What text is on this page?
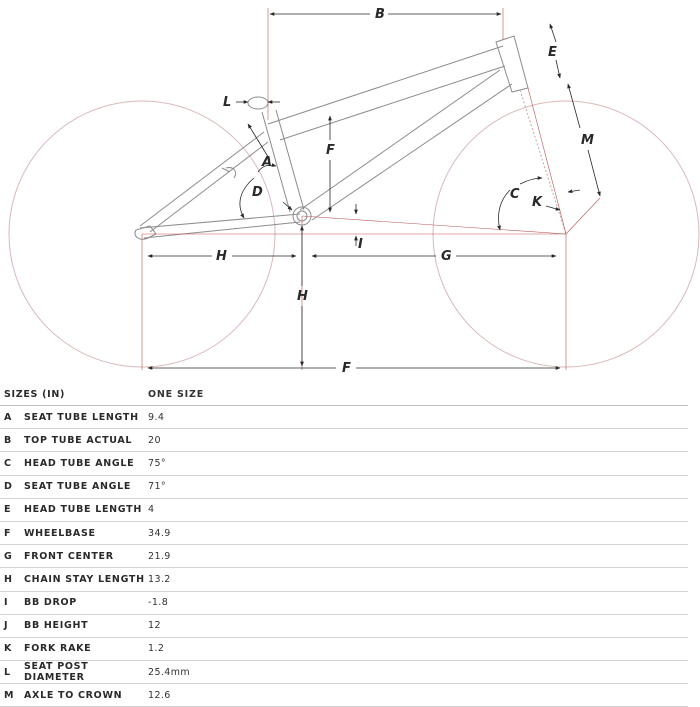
B
E
L
M
F
A
D	C
K
I
H	G
H
F
SIZES (IN)	ONE SIZE
A	SEAT TUBE LENGTH 9.4
B	TOP TUBE ACTUAL	20
C	HEAD TUBE ANGLE	75°
D	SEAT TUBE ANGLE	71°
E	HEAD TUBE LENGTH 4
F	WHEELBASE	34.9
G	FRONT CENTER	21.9
H	CHAIN STAY LENGTH 13.2
I	BB DROP	-1.8
J	BB HEIGHT	12
K	FORK RAKE	1.2
L	SEAT POST DIAMETER	25.4mm
M	AXLE TO CROWN	12.6
